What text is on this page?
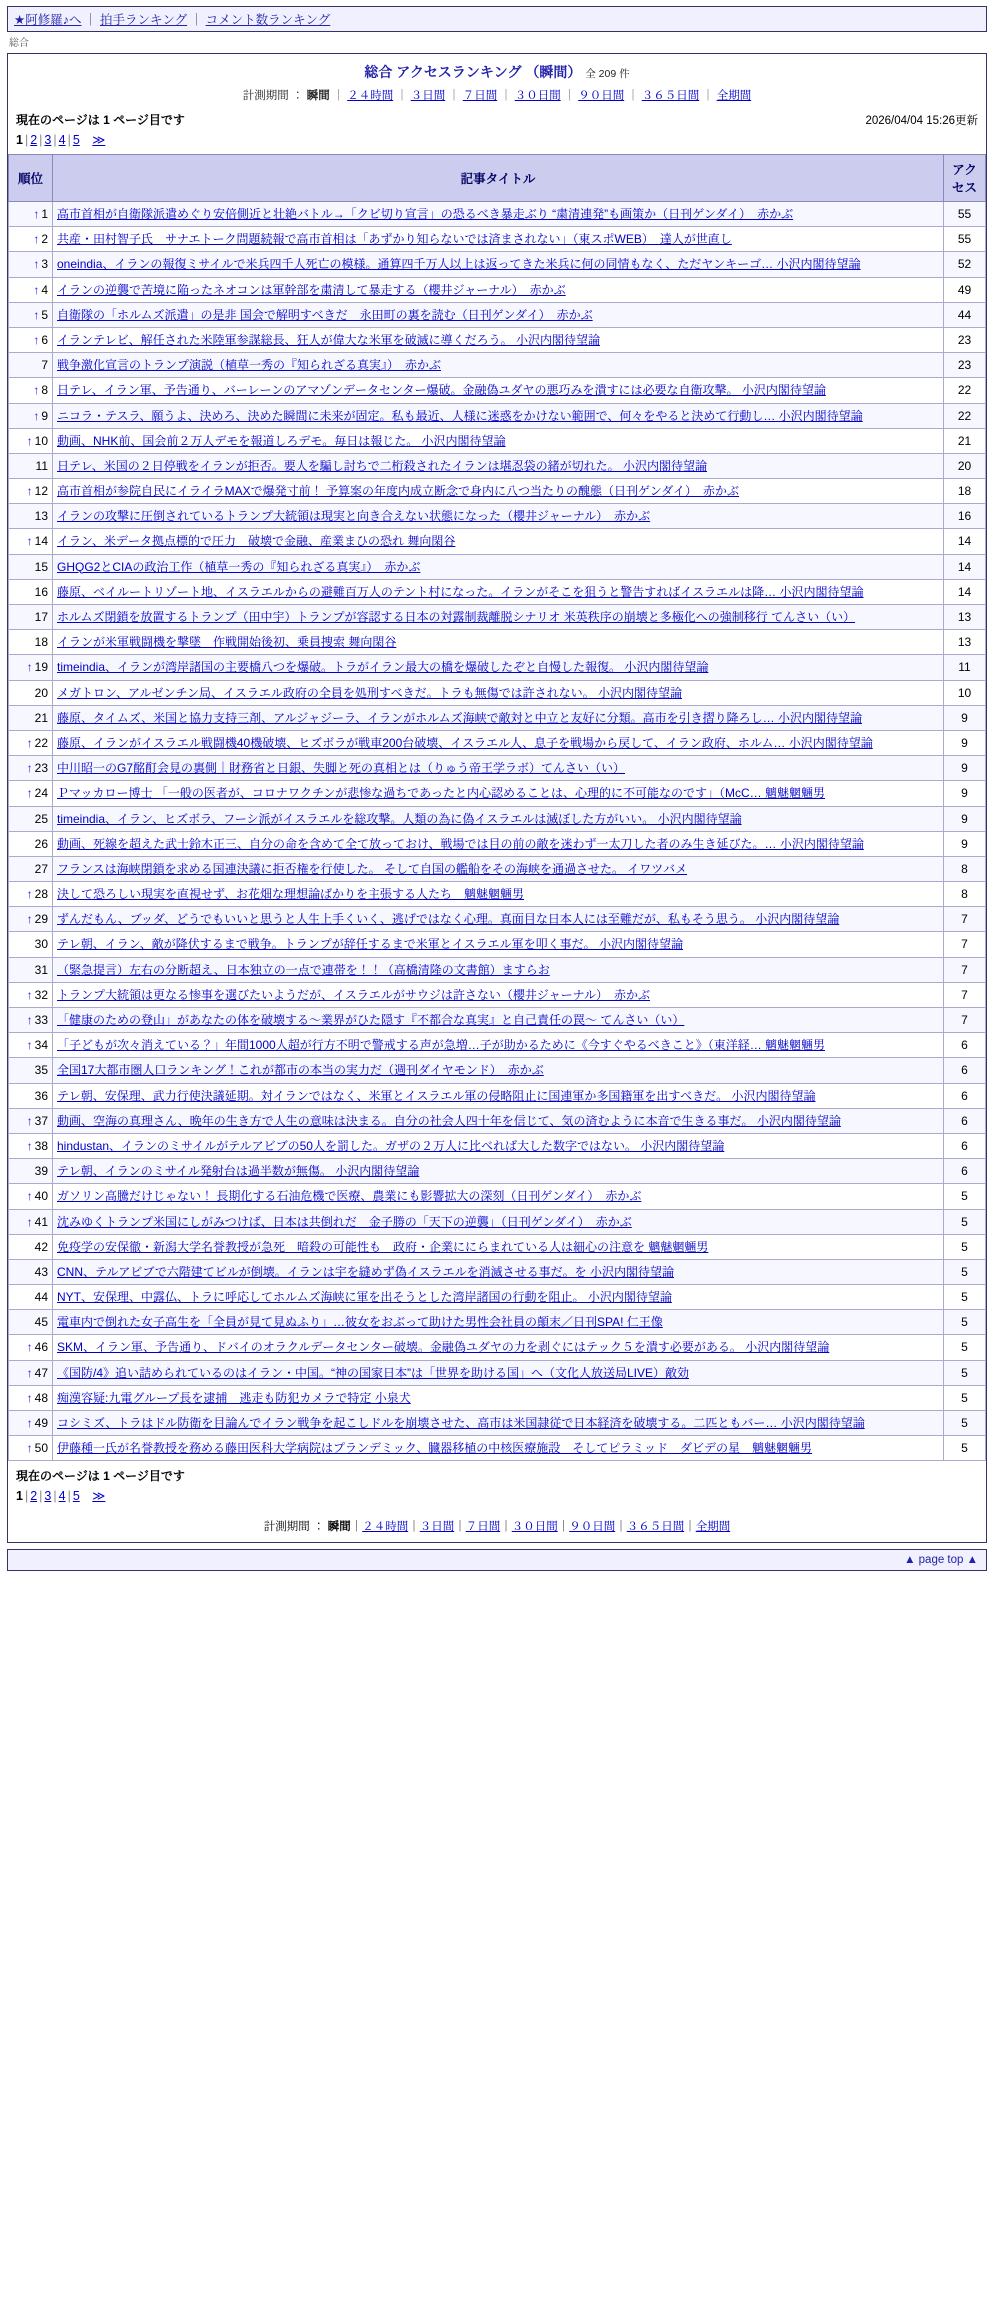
★阿修羅♪へ ｜ 拍手ランキング ｜ コメント数ランキング
総合
総合 アクセスランキング （瞬間） 全 209 件
計測期間 ： 瞬間 ｜ ２４時間 ｜ ３日間 ｜ ７日間 ｜ ３０日間 ｜ ９０日間 ｜ ３６５日間 ｜ 全期間
現在のページは 1 ページ目です	2026/04/04 15:26更新
1 | 2 | 3 | 4 | 5　 ≫
順位	記事タイトル	アクセス
↑ 1	高市首相が自衛隊派遣めぐり安倍側近と壮絶バトル→「クビ切り宣言」の恐るべき暴走ぶり “粛清連発”も画策か（日刊ゲンダイ）　赤かぶ	55
↑ 2	共産・田村智子氏　サナエトーク問題続報で高市首相は「あずかり知らないでは済まされない」（東スポWEB）　達人が世直し	55
↑ 3	oneindia、イランの報復ミサイルで米兵四千人死亡の模様。通算四千万人以上は返ってきた米兵に何の同情もなく、ただヤンキーゴ… 小沢内閣待望論	52
↑ 4	イランの逆襲で苦境に陥ったネオコンは軍幹部を粛清して暴走する（櫻井ジャーナル）　赤かぶ	49
↑ 5	自衛隊の「ホルムズ派遣」の是非 国会で解明すべきだ　永田町の裏を読む（日刊ゲンダイ）　赤かぶ	44
↑ 6	イランテレビ、解任された米陸軍参謀総長、狂人が偉大な米軍を破滅に導くだろう。 小沢内閣待望論	23
7	戦争激化宣言のトランプ演説（植草一秀の『知られざる真実』）　赤かぶ	23
↑ 8	日テレ、イラン軍、予告通り、バーレーンのアマゾンデータセンター爆破。金融偽ユダヤの悪巧みを潰すには必要な自衛攻撃。 小沢内閣待望論	22
↑ 9	ニコラ・テスラ、願うよ、決めろ、決めた瞬間に未来が固定。私も最近、人様に迷惑をかけない範囲で、何々をやると決めて行動し… 小沢内閣待望論	22
↑ 10	動画、NHK前、国会前２万人デモを報道しろデモ。毎日は報じた。 小沢内閣待望論	21
11	日テレ、米国の２日停戦をイランが拒否。要人を騙し討ちで二桁殺されたイランは堪忍袋の緒が切れた。 小沢内閣待望論	20
↑ 12	高市首相が参院自民にイライラMAXで爆発寸前！ 予算案の年度内成立断念で身内に八つ当たりの醜態（日刊ゲンダイ）　赤かぶ	18
13	イランの攻撃に圧倒されているトランプ大統領は現実と向き合えない状態になった（櫻井ジャーナル）　赤かぶ	16
↑ 14	イラン、米データ拠点標的で圧力　破壊で金融、産業まひの恐れ 舞向閑谷	14
15	GHQG2とCIAの政治工作（植草一秀の『知られざる真実』）　赤かぶ	14
16	藤原、ベイルートリゾート地、イスラエルからの避難百万人のテント村になった。イランがそこを狙うと警告すればイスラエルは降… 小沢内閣待望論	14
17	ホルムズ閉鎖を放置するトランプ（田中宇）トランプが容認する日本の対露制裁離脱シナリオ 米英秩序の崩壊と多極化への強制移行 てんさい（い）	13
18	イランが米軍戦闘機を撃墜　作戦開始後初、乗員捜索 舞向閑谷	13
↑ 19	timeindia、イランが湾岸諸国の主要橋八つを爆破。トラがイラン最大の橋を爆破したぞと自慢した報復。 小沢内閣待望論	11
20	メガトロン、アルゼンチン局、イスラエル政府の全員を処刑すべきだ。トラも無傷では許されない。 小沢内閣待望論	10
21	藤原、タイムズ、米国と協力支持三剤、アルジャジーラ、イランがホルムズ海峡で敵対と中立と友好に分類。高市を引き摺り降ろし… 小沢内閣待望論	9
↑ 22	藤原、イランがイスラエル戦闘機40機破壊、ヒズボラが戦車200台破壊、イスラエル人、息子を戦場から戻して、イラン政府、ホルム… 小沢内閣待望論	9
↑ 23	中川昭一のG7酩酊会見の裏側｜財務省と日銀、失脚と死の真相とは（りゅう帝王学ラボ）てんさい（い）	9
↑ 24	Ｐマッカロー博士 「一般の医者が、コロナワクチンが悲惨な過ちであったと内心認めることは、心理的に不可能なのです」（McC… 魑魅魍魎男	9
25	timeindia、イラン、ヒズボラ、フーシ派がイスラエルを総攻撃。人類の為に偽イスラエルは滅ぼした方がいい。 小沢内閣待望論	9
26	動画、死線を超えた武士鈴木正三、自分の命を含めて全て放っておけ、戦場では目の前の敵を迷わず一太刀した者のみ生き延びた。… 小沢内閣待望論	9
27	フランスは海峡閉鎖を求める国連決議に拒否権を行使した。 そして自国の艦船をその海峡を通過させた。 イワツバメ	8
↑ 28	決して恐ろしい現実を直視せず、お花畑な理想論ばかりを主張する人たち　魑魅魍魎男	8
↑ 29	ずんだもん、ブッダ、どうでもいいと思うと人生上手くいく、逃げではなく心理。真面目な日本人には至難だが、私もそう思う。 小沢内閣待望論	7
30	テレ朝、イラン、敵が降伏するまで戦争。トランプが辞任するまで米軍とイスラエル軍を叩く事だ。 小沢内閣待望論	7
31	（緊急提言）左右の分断超え、日本独立の一点で連帯を！！（高橋清隆の文書館）ますらお	7
↑ 32	トランプ大統領は更なる惨事を選びたいようだが、イスラエルがサウジは許さない（櫻井ジャーナル）　赤かぶ	7
↑ 33	「健康のための登山」があなたの体を破壊する〜業界がひた隠す『不都合な真実』と自己責任の罠〜 てんさい（い）	7
↑ 34	「子どもが次々消えている？」年間1000人超が行方不明で警戒する声が急増…子が助かるために《今すぐやるべきこと》（東洋経… 魑魅魍魎男	6
35	全国17大都市圏人口ランキング！これが都市の本当の実力だ（週刊ダイヤモンド）　赤かぶ	6
36	テレ朝、安保理、武力行使決議延期。対イランではなく、米軍とイスラエル軍の侵略阻止に国連軍か多国籍軍を出すべきだ。 小沢内閣待望論	6
↑ 37	動画、空海の真理さん、晩年の生き方で人生の意味は決まる。自分の社会人四十年を信じて、気の済むように本音で生きる事だ。 小沢内閣待望論	6
↑ 38	hindustan、イランのミサイルがテルアビブの50人を罰した。ガザの２万人に比べれば大した数字ではない。 小沢内閣待望論	6
39	テレ朝、イランのミサイル発射台は過半数が無傷。 小沢内閣待望論	6
↑ 40	ガソリン高騰だけじゃない！ 長期化する石油危機で医療、農業にも影響拡大の深刻（日刊ゲンダイ）　赤かぶ	5
↑ 41	沈みゆくトランプ米国にしがみつけば、日本は共倒れだ　金子勝の「天下の逆襲」（日刊ゲンダイ）　赤かぶ	5
42	免疫学の安保徹・新潟大学名誉教授が急死　暗殺の可能性も　政府・企業ににらまれている人は細心の注意を 魑魅魍魎男	5
43	CNN、テルアビブで六階建てビルが倒壊。イランは宇を縫めず偽イスラエルを消滅させる事だ。を 小沢内閣待望論	5
44	NYT、安保理、中露仏、トラに呼応してホルムズ海峡に軍を出そうとした湾岸諸国の行動を阻止。 小沢内閣待望論	5
45	電車内で倒れた女子高生を「全員が見て見ぬふり」…彼女をおぶって助けた男性会社員の顛末／日刊SPA! 仁王像	5
↑ 46	SKM、イラン軍、予告通り、ドバイのオラクルデータセンター破壊。金融偽ユダヤの力を剥ぐにはテック５を潰す必要がある。 小沢内閣待望論	5
↑ 47	《国防/4》追い詰められているのはイラン・中国。“神の国家日本”は「世界を助ける国」へ（文化人放送局LIVE）敵効	5
↑ 48	痴漢容疑:九電グループ長を逮捕　逃走も防犯カメラで特定 小泉犬	5
↑ 49	コシミズ、トラはドル防衛を目論んでイラン戦争を起こしドルを崩壊させた、高市は米国隷従で日本経済を破壊する。二匹ともバー… 小沢内閣待望論	5
↑ 50	伊藤種一氏が名誉教授を務める藤田医科大学病院はプランデミック、臓器移植の中核医療施設　そしてピラミッド　ダビデの星　魑魅魍魎男	5
現在のページは 1 ページ目です
1 | 2 | 3 | 4 | 5　 ≫
計測期間 ： 瞬間｜２４時間｜３日間｜７日間｜３０日間｜９０日間｜３６５日間｜全期間
▲ page top ▲
